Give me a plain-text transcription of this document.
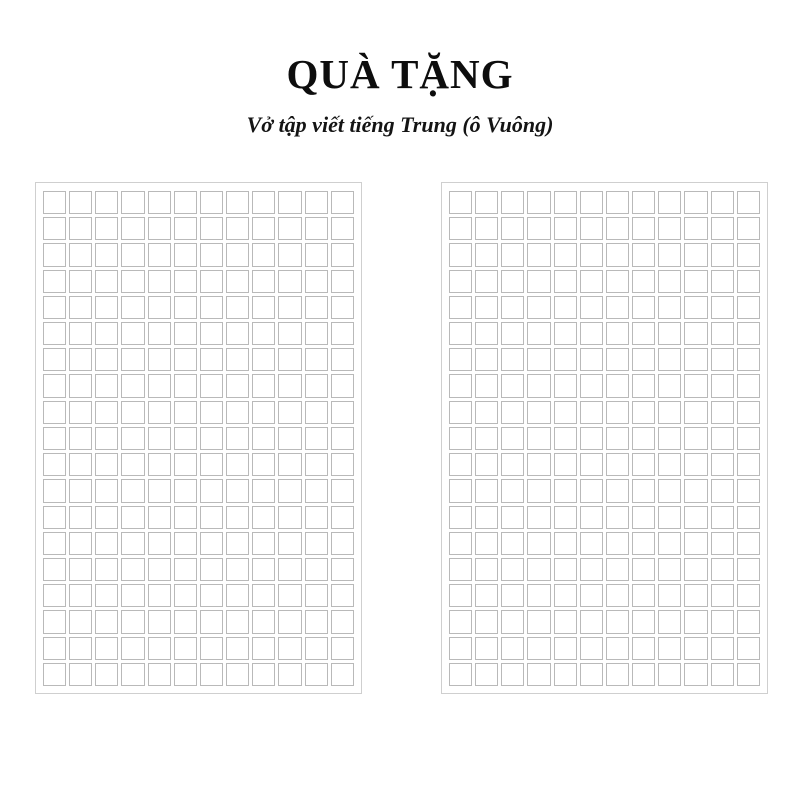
QUÀ TẶNG
Vở tập viết tiếng Trung (ô Vuông)
